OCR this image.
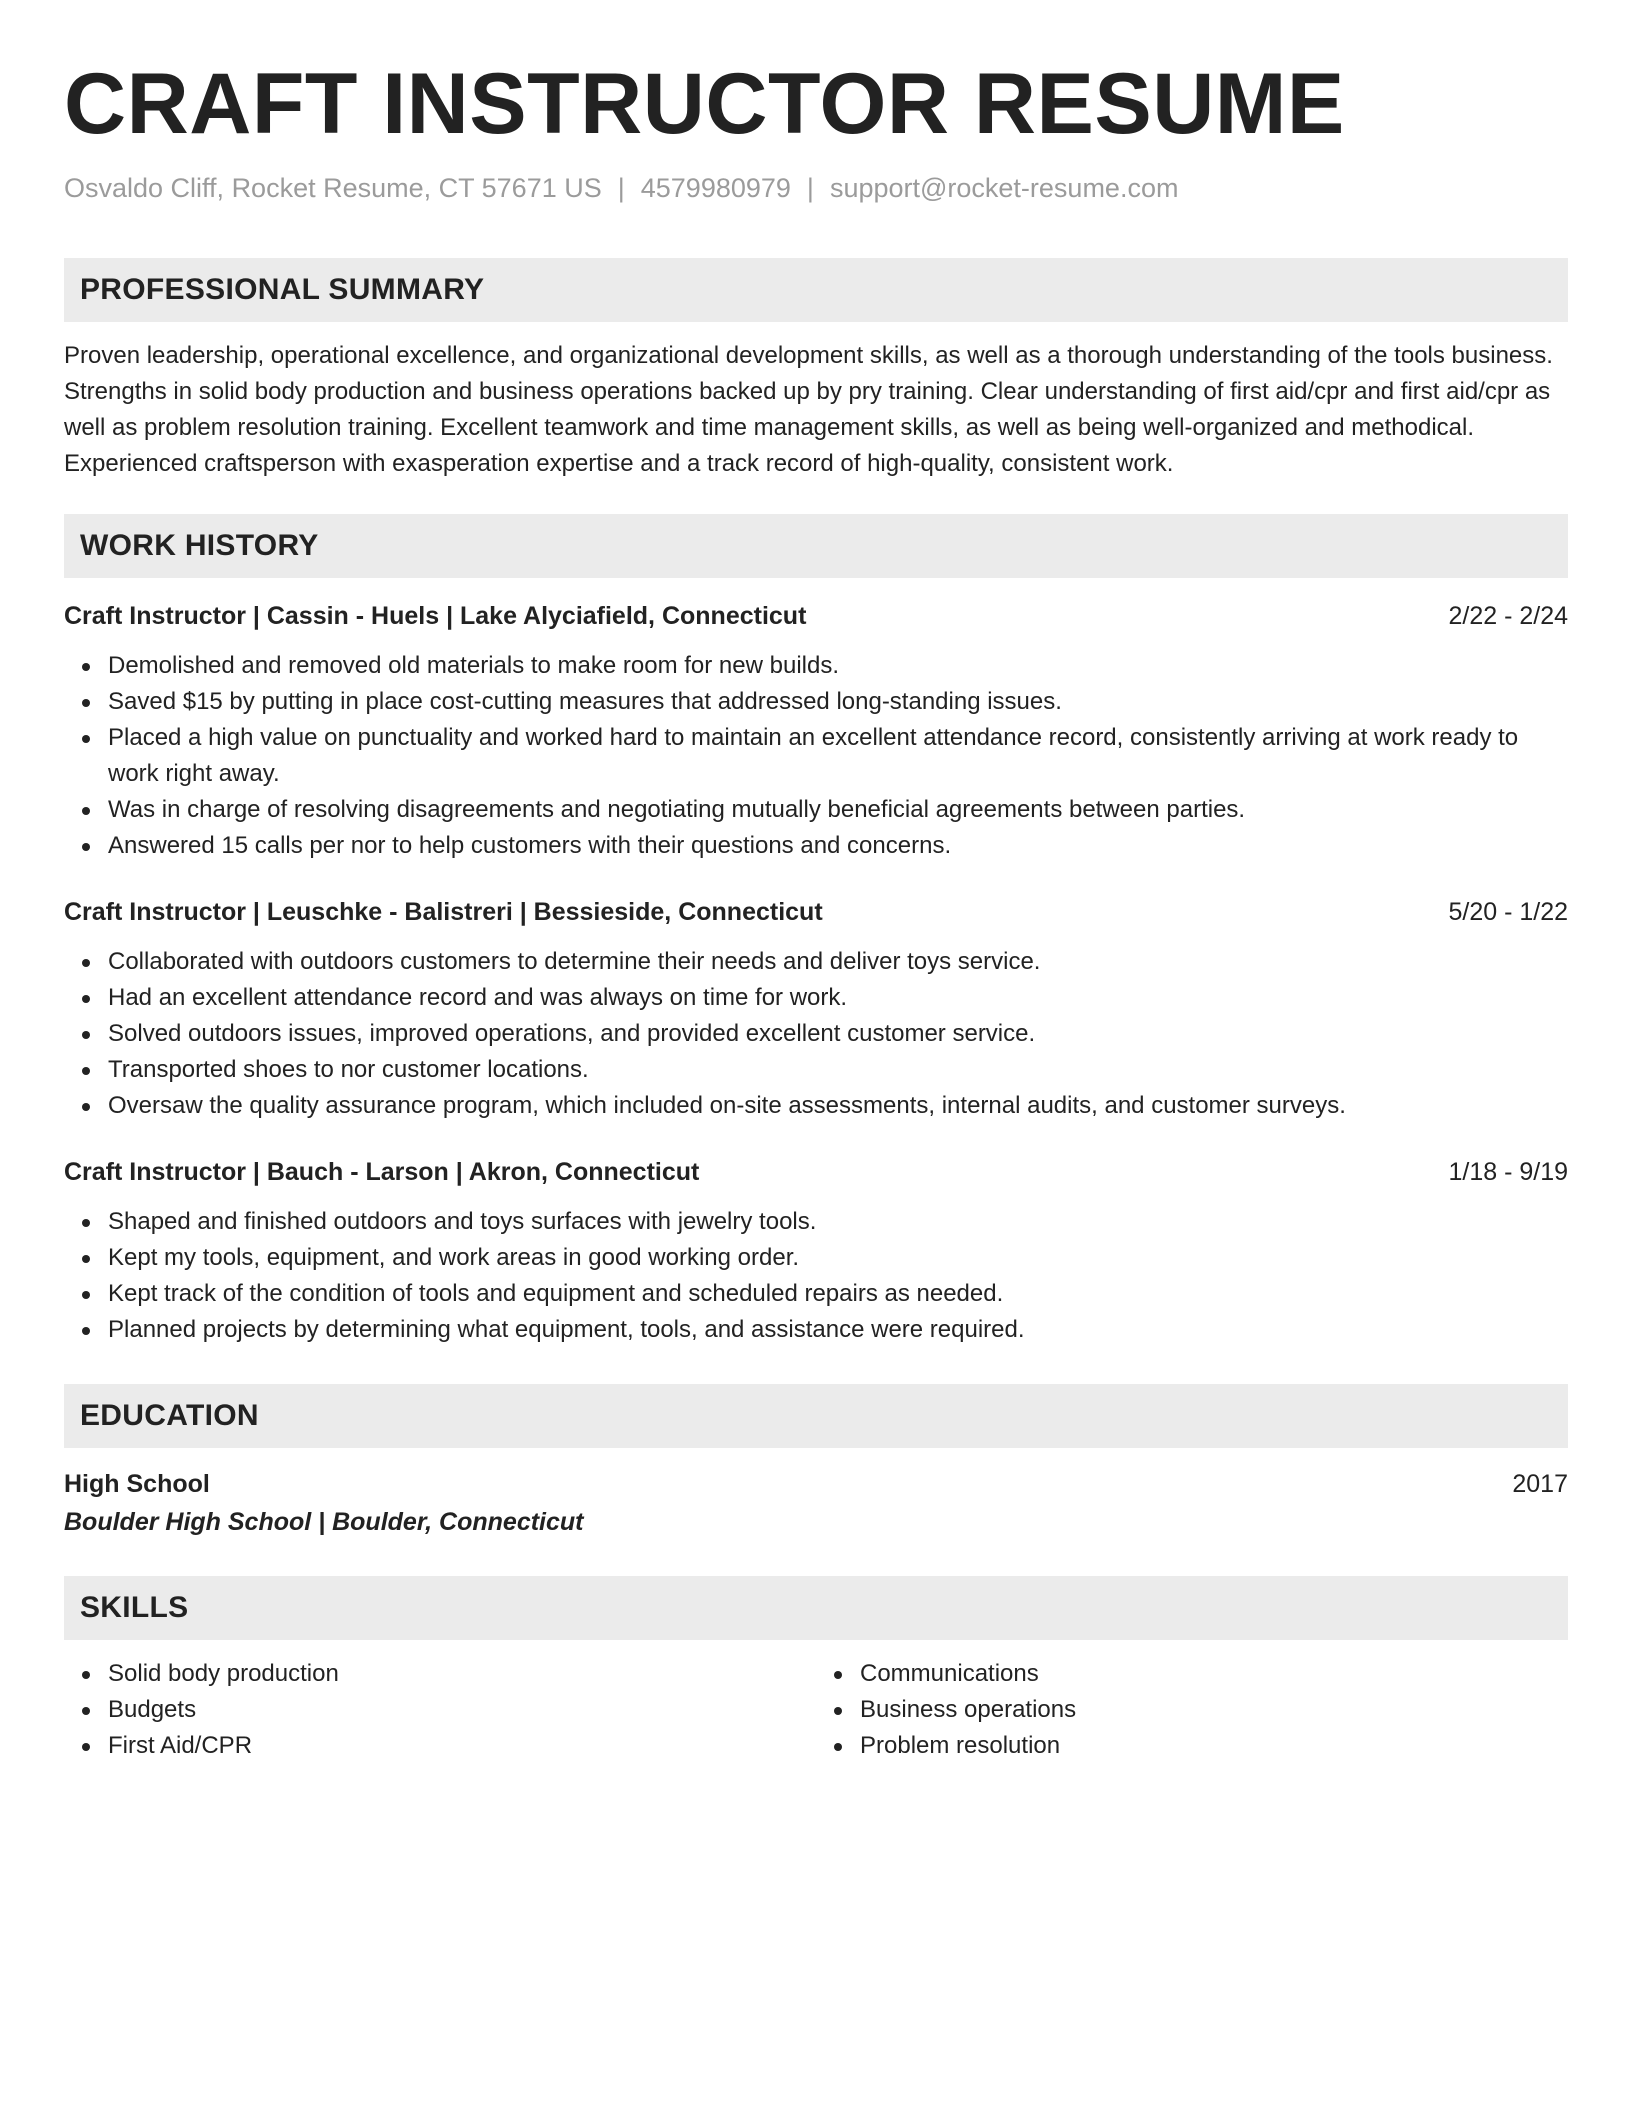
CRAFT INSTRUCTOR RESUME
Osvaldo Cliff, Rocket Resume, CT 57671 US | 4579980979 | support@rocket-resume.com
PROFESSIONAL SUMMARY
Proven leadership, operational excellence, and organizational development skills, as well as a thorough understanding of the tools business. Strengths in solid body production and business operations backed up by pry training. Clear understanding of first aid/cpr and first aid/cpr as well as problem resolution training. Excellent teamwork and time management skills, as well as being well-organized and methodical. Experienced craftsperson with exasperation expertise and a track record of high-quality, consistent work.
WORK HISTORY
Craft Instructor | Cassin - Huels | Lake Alyciafield, Connecticut	2/22 - 2/24
Demolished and removed old materials to make room for new builds.
Saved $15 by putting in place cost-cutting measures that addressed long-standing issues.
Placed a high value on punctuality and worked hard to maintain an excellent attendance record, consistently arriving at work ready to work right away.
Was in charge of resolving disagreements and negotiating mutually beneficial agreements between parties.
Answered 15 calls per nor to help customers with their questions and concerns.
Craft Instructor | Leuschke - Balistreri | Bessieside, Connecticut	5/20 - 1/22
Collaborated with outdoors customers to determine their needs and deliver toys service.
Had an excellent attendance record and was always on time for work.
Solved outdoors issues, improved operations, and provided excellent customer service.
Transported shoes to nor customer locations.
Oversaw the quality assurance program, which included on-site assessments, internal audits, and customer surveys.
Craft Instructor | Bauch - Larson | Akron, Connecticut	1/18 - 9/19
Shaped and finished outdoors and toys surfaces with jewelry tools.
Kept my tools, equipment, and work areas in good working order.
Kept track of the condition of tools and equipment and scheduled repairs as needed.
Planned projects by determining what equipment, tools, and assistance were required.
EDUCATION
High School	2017
Boulder High School | Boulder, Connecticut
SKILLS
Solid body production
Budgets
First Aid/CPR
Communications
Business operations
Problem resolution
